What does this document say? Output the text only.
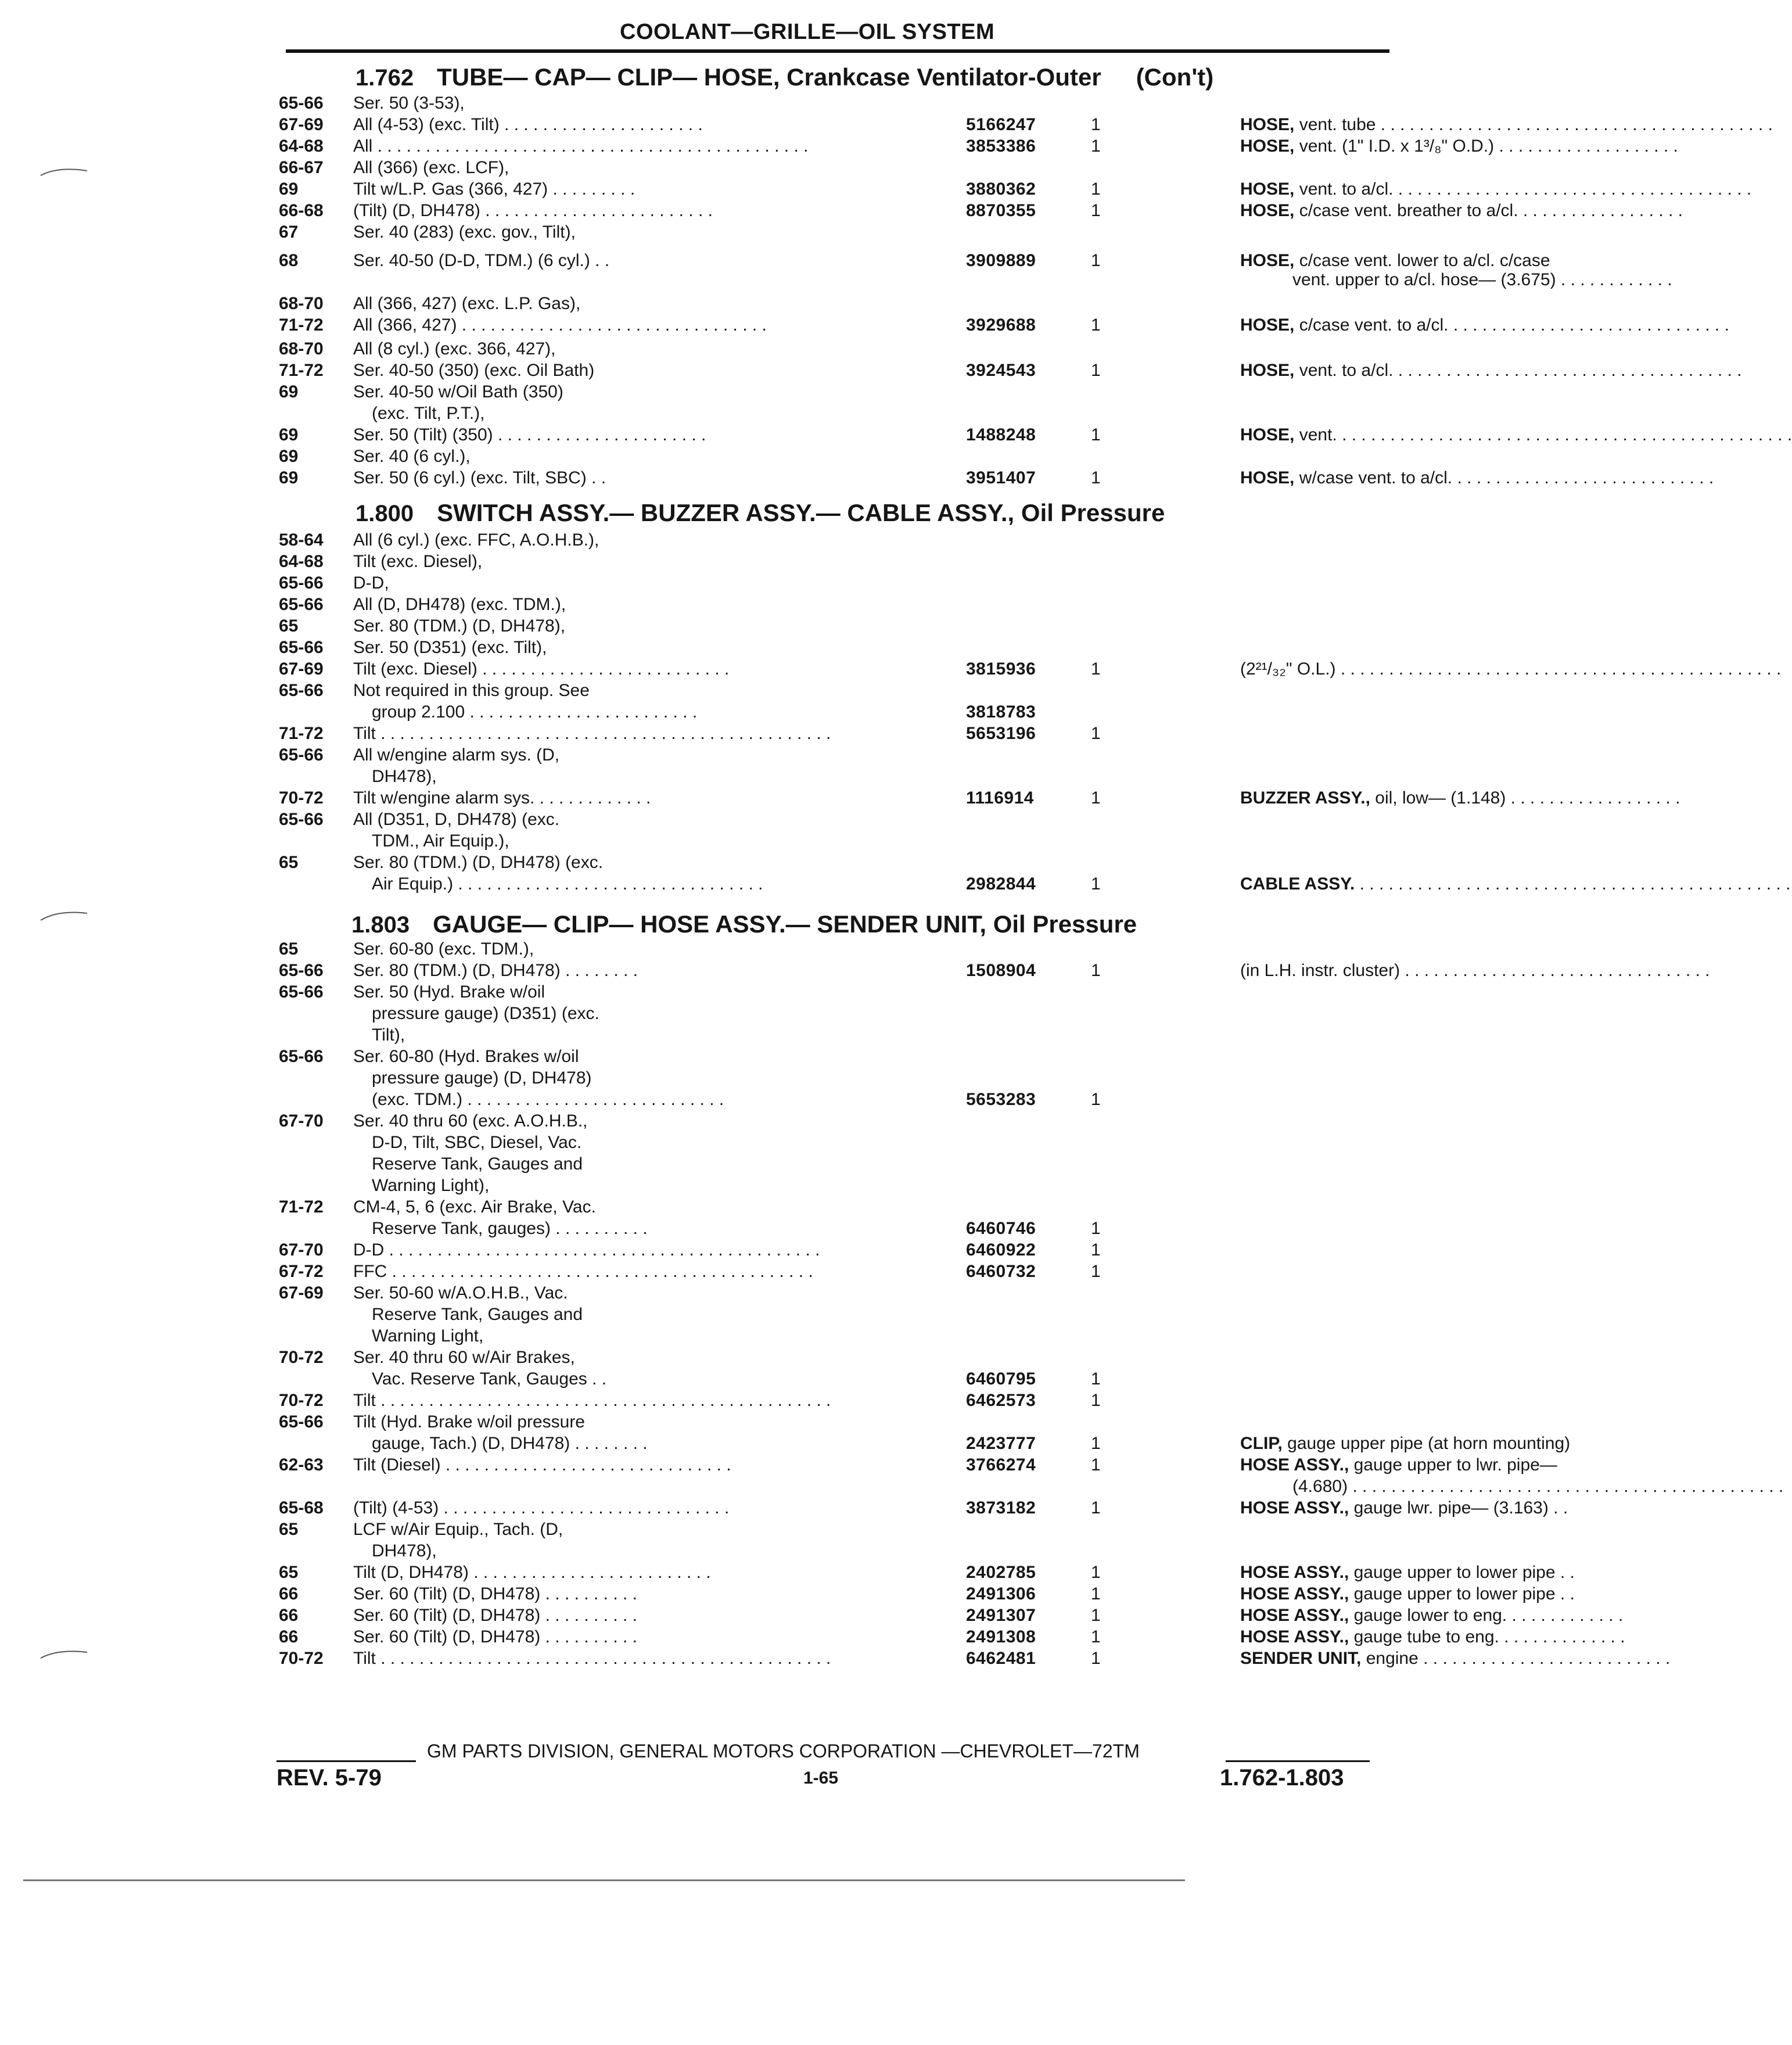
COOLANT—GRILLE—OIL SYSTEM
1.762 TUBE— CAP— CLIP— HOSE, Crankcase Ventilator-Outer (Con't)
65-66 Ser. 50 (3-53),
67-69 All (4-53) (exc. Tilt) . . . . . . . . . . . . . . . . . . . . .	5166247	1	HOSE, vent. tube . . . . . . . . . . . . . . . . . . . . . . . . . . . . . . . . . . . . . . . . .
64-68 All . . . . . . . . . . . . . . . . . . . . . . . . . . . . . . . . . . . . . . . . . . . . .	3853386	1	HOSE, vent. (1" I.D. x 1³/₈" O.D.) . . . . . . . . . . . . . . . . . . .
66-67 All (366) (exc. LCF),
69	Tilt w/L.P. Gas (366, 427) . . . . . . . . .	3880362	1	HOSE, vent. to a/cl. . . . . . . . . . . . . . . . . . . . . . . . . . . . . . . . . . . . . .
66-68 (Tilt) (D, DH478) . . . . . . . . . . . . . . . . . . . . . . . .	8870355	1	HOSE, c/case vent. breather to a/cl. . . . . . . . . . . . . . . . . .
67	Ser. 40 (283) (exc. gov., Tilt),
68	Ser. 40-50 (D-D, TDM.) (6 cyl.) . .	3909889	1	HOSE, c/case vent. lower to a/cl. c/case
vent. upper to a/cl. hose— (3.675) . . . . . . . . . . . .
68-70 All (366, 427) (exc. L.P. Gas),
71-72 All (366, 427) . . . . . . . . . . . . . . . . . . . . . . . . . . . . . . . .	3929688	1	HOSE, c/case vent. to a/cl. . . . . . . . . . . . . . . . . . . . . . . . . . . . . .
68-70 All (8 cyl.) (exc. 366, 427),
71-72 Ser. 40-50 (350) (exc. Oil Bath)	3924543	1	HOSE, vent. to a/cl. . . . . . . . . . . . . . . . . . . . . . . . . . . . . . . . . . . . .
69	Ser. 40-50 w/Oil Bath (350)
(exc. Tilt, P.T.),
69	Ser. 50 (Tilt) (350) . . . . . . . . . . . . . . . . . . . . . .	1488248	1	HOSE, vent. . . . . . . . . . . . . . . . . . . . . . . . . . . . . . . . . . . . . . . . . . . . . . . .
69	Ser. 40 (6 cyl.),
69	Ser. 50 (6 cyl.) (exc. Tilt, SBC) . .	3951407	1	HOSE, w/case vent. to a/cl. . . . . . . . . . . . . . . . . . . . . . . . . . . .
1.800 SWITCH ASSY.— BUZZER ASSY.— CABLE ASSY., Oil Pressure
58-64 All (6 cyl.) (exc. FFC, A.O.H.B.),
64-68 Tilt (exc. Diesel),
65-66 D-D,
65-66 All (D, DH478) (exc. TDM.),
65	Ser. 80 (TDM.) (D, DH478),
65-66 Ser. 50 (D351) (exc. Tilt),
67-69 Tilt (exc. Diesel) . . . . . . . . . . . . . . . . . . . . . . . . . .	3815936	1	(2²¹/₃₂" O.L.) . . . . . . . . . . . . . . . . . . . . . . . . . . . . . . . . . . . . . . . . . . . . . .
65-66 Not required in this group. See
group 2.100 . . . . . . . . . . . . . . . . . . . . . . . .	3818783
71-72 Tilt . . . . . . . . . . . . . . . . . . . . . . . . . . . . . . . . . . . . . . . . . . . . . . .	5653196	1
65-66 All w/engine alarm sys. (D,
DH478),
70-72 Tilt w/engine alarm sys. . . . . . . . . . . . .	1116914	1	BUZZER ASSY., oil, low— (1.148) . . . . . . . . . . . . . . . . . .
65-66 All (D351, D, DH478) (exc.
TDM., Air Equip.),
65	Ser. 80 (TDM.) (D, DH478) (exc.
Air Equip.) . . . . . . . . . . . . . . . . . . . . . . . . . . . . . . . .	2982844	1	CABLE ASSY. . . . . . . . . . . . . . . . . . . . . . . . . . . . . . . . . . . . . . . . . . . . . .
1.803 GAUGE— CLIP— HOSE ASSY.— SENDER UNIT, Oil Pressure
65	Ser. 60-80 (exc. TDM.),
65-66 Ser. 80 (TDM.) (D, DH478) . . . . . . . .	1508904	1	(in L.H. instr. cluster) . . . . . . . . . . . . . . . . . . . . . . . . . . . . . . . .
65-66 Ser. 50 (Hyd. Brake w/oil
pressure gauge) (D351) (exc.
Tilt),
65-66 Ser. 60-80 (Hyd. Brakes w/oil
pressure gauge) (D, DH478)
(exc. TDM.) . . . . . . . . . . . . . . . . . . . . . . . . . . .	5653283	1
67-70 Ser. 40 thru 60 (exc. A.O.H.B.,
D-D, Tilt, SBC, Diesel, Vac.
Reserve Tank, Gauges and
Warning Light),
71-72 CM-4, 5, 6 (exc. Air Brake, Vac.
Reserve Tank, gauges) . . . . . . . . . .	6460746	1
67-70 D-D . . . . . . . . . . . . . . . . . . . . . . . . . . . . . . . . . . . . . . . . . . . . .	6460922	1
67-72 FFC . . . . . . . . . . . . . . . . . . . . . . . . . . . . . . . . . . . . . . . . . . . .	6460732	1
67-69 Ser. 50-60 w/A.O.H.B., Vac.
Reserve Tank, Gauges and
Warning Light,
70-72 Ser. 40 thru 60 w/Air Brakes,
Vac. Reserve Tank, Gauges . .	6460795	1
70-72 Tilt . . . . . . . . . . . . . . . . . . . . . . . . . . . . . . . . . . . . . . . . . . . . . . .	6462573	1
65-66 Tilt (Hyd. Brake w/oil pressure
gauge, Tach.) (D, DH478) . . . . . . . .	2423777	1	CLIP, gauge upper pipe (at horn mounting)
62-63 Tilt (Diesel) . . . . . . . . . . . . . . . . . . . . . . . . . . . . . .	3766274	1	HOSE ASSY., gauge upper to lwr. pipe—
(4.680) . . . . . . . . . . . . . . . . . . . . . . . . . . . . . . . . . . . . . . . . . . . . .
65-68 (Tilt) (4-53) . . . . . . . . . . . . . . . . . . . . . . . . . . . . . .	3873182	1	HOSE ASSY., gauge lwr. pipe— (3.163) . .
65	LCF w/Air Equip., Tach. (D,
DH478),
65	Tilt (D, DH478) . . . . . . . . . . . . . . . . . . . . . . . . .	2402785	1	HOSE ASSY., gauge upper to lower pipe . .
66	Ser. 60 (Tilt) (D, DH478) . . . . . . . . . .	2491306	1	HOSE ASSY., gauge upper to lower pipe . .
66	Ser. 60 (Tilt) (D, DH478) . . . . . . . . . .	2491307	1	HOSE ASSY., gauge lower to eng. . . . . . . . . . . . .
66	Ser. 60 (Tilt) (D, DH478) . . . . . . . . . .	2491308	1	HOSE ASSY., gauge tube to eng. . . . . . . . . . . . . .
70-72 Tilt . . . . . . . . . . . . . . . . . . . . . . . . . . . . . . . . . . . . . . . . . . . . . . .	6462481	1	SENDER UNIT, engine . . . . . . . . . . . . . . . . . . . . . . . . . .
GM PARTS DIVISION, GENERAL MOTORS CORPORATION —CHEVROLET—72TM
REV. 5-79	1-65	1.762-1.803
